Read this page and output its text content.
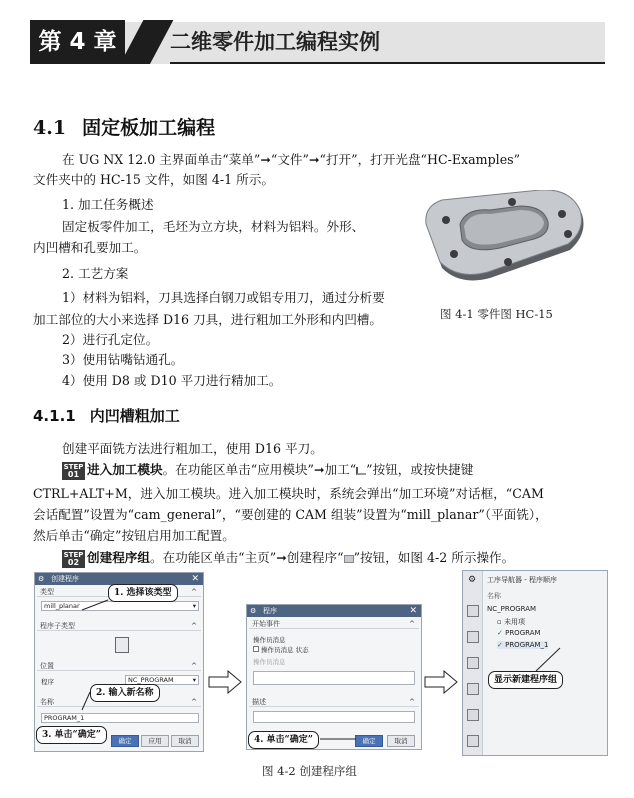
第 4 章	二维零件加工编程实例
4.1 固定板加工编程
在 UG NX 12.0 主界面单击“菜单”➞“文件”➞“打开”，打开光盘“HC-Examples”
文件夹中的 HC-15 文件，如图 4-1 所示。
1. 加工任务概述
固定板零件加工，毛坯为立方块，材料为铝料。外形、
内凹槽和孔要加工。
2. 工艺方案
1）材料为铝料，刀具选择白钢刀或铝专用刀，通过分析要
加工部位的大小来选择 D16 刀具，进行粗加工外形和内凹槽。
2）进行孔定位。
3）使用钻嘴钻通孔。
4）使用 D8 或 D10 平刀进行精加工。
图 4-1 零件图 HC-15
4.1.1 内凹槽粗加工
创建平面铣方法进行粗加工，使用 D16 平刀。
STEP
01 进入加工模块。在功能区单击“应用模块”➞加工“ ”按钮，或按快捷键
CTRL+ALT+M，进入加工模块。进入加工模块时，系统会弹出“加工环境”对话框，“CAM
会话配置”设置为“cam_general”，“要创建的 CAM 组装”设置为“mill_planar”（平面铣），
然后单击“确定”按钮启用加工配置。
STEP
02 创建程序组。在功能区单击“主页”➞创建程序“ ”按钮，如图 4-2 所示操作。
⚙ 创建程序	✕
类型	^
mill_planar	▾
程序子类型	^
位置	^
程序	NC_PROGRAM	▾
名称	^
PROGRAM_1
确定	应用	取消
1. 选择该类型
2. 输入新名称
3. 单击“确定”
⚙ 程序	✕
开始事件	^
操作员消息
操作员消息 状态
操作员消息
描述	^
确定	取消
4. 单击“确定”
⚙ 工序导航器 - 程序顺序
名称
NC_PROGRAM
▫ 未用项
✓ PROGRAM
✓ PROGRAM_1
显示新建程序组
图 4-2 创建程序组
